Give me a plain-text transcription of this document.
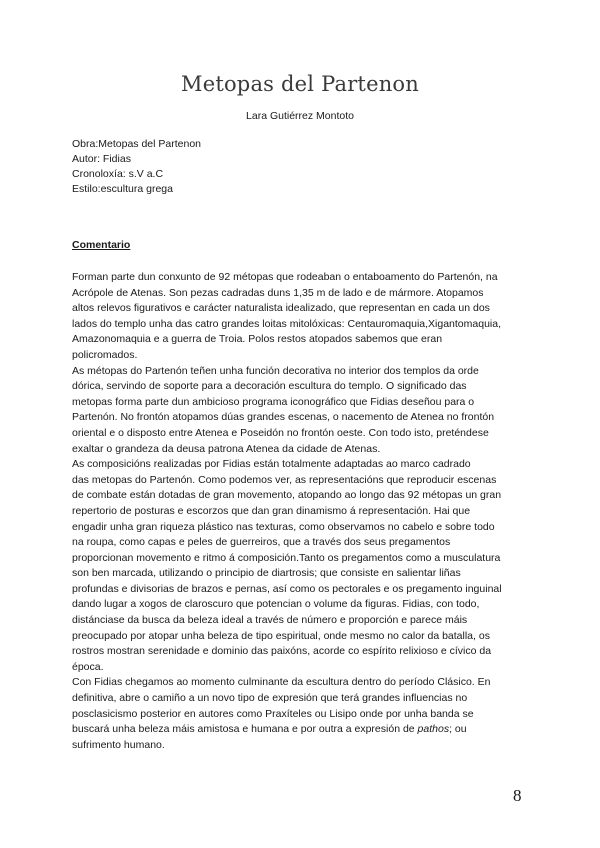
Metopas del Partenon
Lara Gutiérrez Montoto
Obra:Metopas del Partenon
Autor: Fidias
Cronoloxía: s.V a.C
Estilo:escultura grega
Comentario
Forman parte dun conxunto de 92 métopas que rodeaban o entaboamento do Partenón, na
Acrópole de Atenas. Son pezas cadradas duns 1,35 m de lado e de mármore. Atopamos
altos relevos figurativos e carácter naturalista idealizado, que representan en cada un dos
lados do templo unha das catro grandes loitas mitolóxicas: Centauromaquia,Xigantomaquia,
Amazonomaquia e a guerra de Troia. Polos restos atopados sabemos que eran
policromados.
As métopas do Partenón teñen unha función decorativa no interior dos templos da orde
dórica, servindo de soporte para a decoración escultura do templo. O significado das
metopas forma parte dun ambicioso programa iconográfico que Fidias deseñou para o
Partenón. No frontón atopamos dúas grandes escenas, o nacemento de Atenea no frontón
oriental e o disposto entre Atenea e Poseidón no frontón oeste. Con todo isto, preténdese
exaltar o grandeza da deusa patrona Atenea da cidade de Atenas.
As composicións realizadas por Fidias están totalmente adaptadas ao marco cadrado
das metopas do Partenón. Como podemos ver, as representacións que reproducir escenas
de combate están dotadas de gran movemento, atopando ao longo das 92 métopas un gran
repertorio de posturas e escorzos que dan gran dinamismo á representación. Hai que
engadir unha gran riqueza plástico nas texturas, como observamos no cabelo e sobre todo
na roupa, como capas e peles de guerreiros, que a través dos seus pregamentos
proporcionan movemento e ritmo á composición.Tanto os pregamentos como a musculatura
son ben marcada, utilizando o principio de diartrosis; que consiste en salientar liñas
profundas e divisorias de brazos e pernas, así como os pectorales e os pregamento inguinal
dando lugar a xogos de claroscuro que potencian o volume da figuras. Fidias, con todo,
distánciase da busca da beleza ideal a través de número e proporción e parece máis
preocupado por atopar unha beleza de tipo espiritual, onde mesmo no calor da batalla, os
rostros mostran serenidade e dominio das paixóns, acorde co espírito relixioso e cívico da
época.
Con Fidias chegamos ao momento culminante da escultura dentro do período Clásico. En
definitiva, abre o camiño a un novo tipo de expresión que terá grandes influencias no
posclasicismo posterior en autores como Praxíteles ou Lisipo onde por unha banda se
buscará unha beleza máis amistosa e humana e por outra a expresión de pathos; ou
sufrimento humano.
8
